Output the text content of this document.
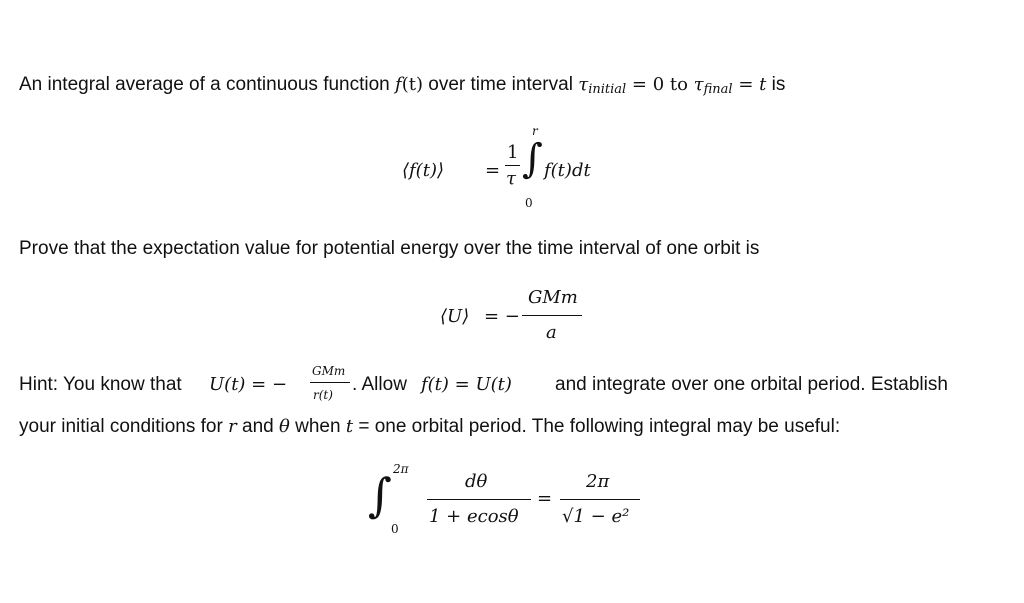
An integral average of a continuous function f(t) over time interval $\tau_{initial} = 0$ to $\tau_{final} = t$ is
⟨f(t)⟩ =
1
τ
r
∫
0
f(t)dt
Prove that the expectation value for potential energy over the time interval of one orbit is
⟨U⟩ = −
GMm
a
Hint: You know that U(t) = −
GMm
r(t) . Allow f(t) = U(t) and integrate over one orbital period. Establish
your initial conditions for r and θ when t = one orbital period. The following integral may be useful:
∫ 2π
0
dθ
1 + ecosθ
=
2π
√1 − e²
